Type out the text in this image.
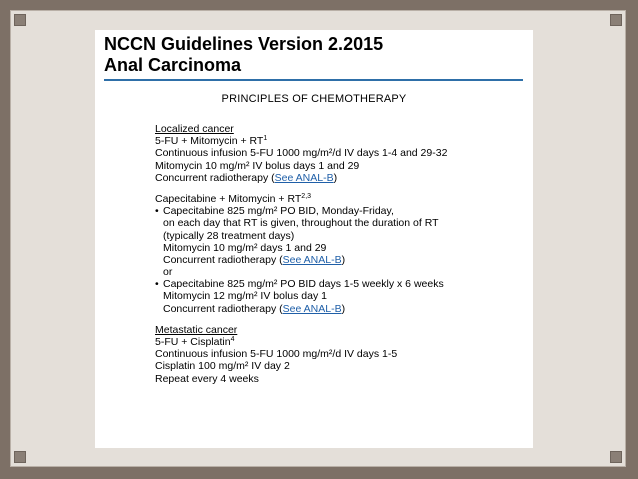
NCCN Guidelines Version 2.2015
Anal Carcinoma
PRINCIPLES OF CHEMOTHERAPY
Localized cancer
5-FU + Mitomycin + $RT^1$
Continuous infusion 5-FU 1000 mg/m²/d IV days 1-4 and 29-32
Mitomycin 10 mg/m² IV bolus days 1 and 29
Concurrent radiotherapy (See ANAL-B)
Capecitabine + Mitomycin + RT$^{2,3}$
• Capecitabine 825 mg/m² PO BID, Monday-Friday,
on each day that RT is given, throughout the duration of RT
(typically 28 treatment days)
Mitomycin 10 mg/m² days 1 and 29
Concurrent radiotherapy (See ANAL-B)
or
• Capecitabine 825 mg/m² PO BID days 1-5 weekly x 6 weeks
Mitomycin 12 mg/m² IV bolus day 1
Concurrent radiotherapy (See ANAL-B)
Metastatic cancer
5-FU + Cisplatin$^4$
Continuous infusion 5-FU 1000 mg/m²/d IV days 1-5
Cisplatin 100 mg/m² IV day 2
Repeat every 4 weeks
